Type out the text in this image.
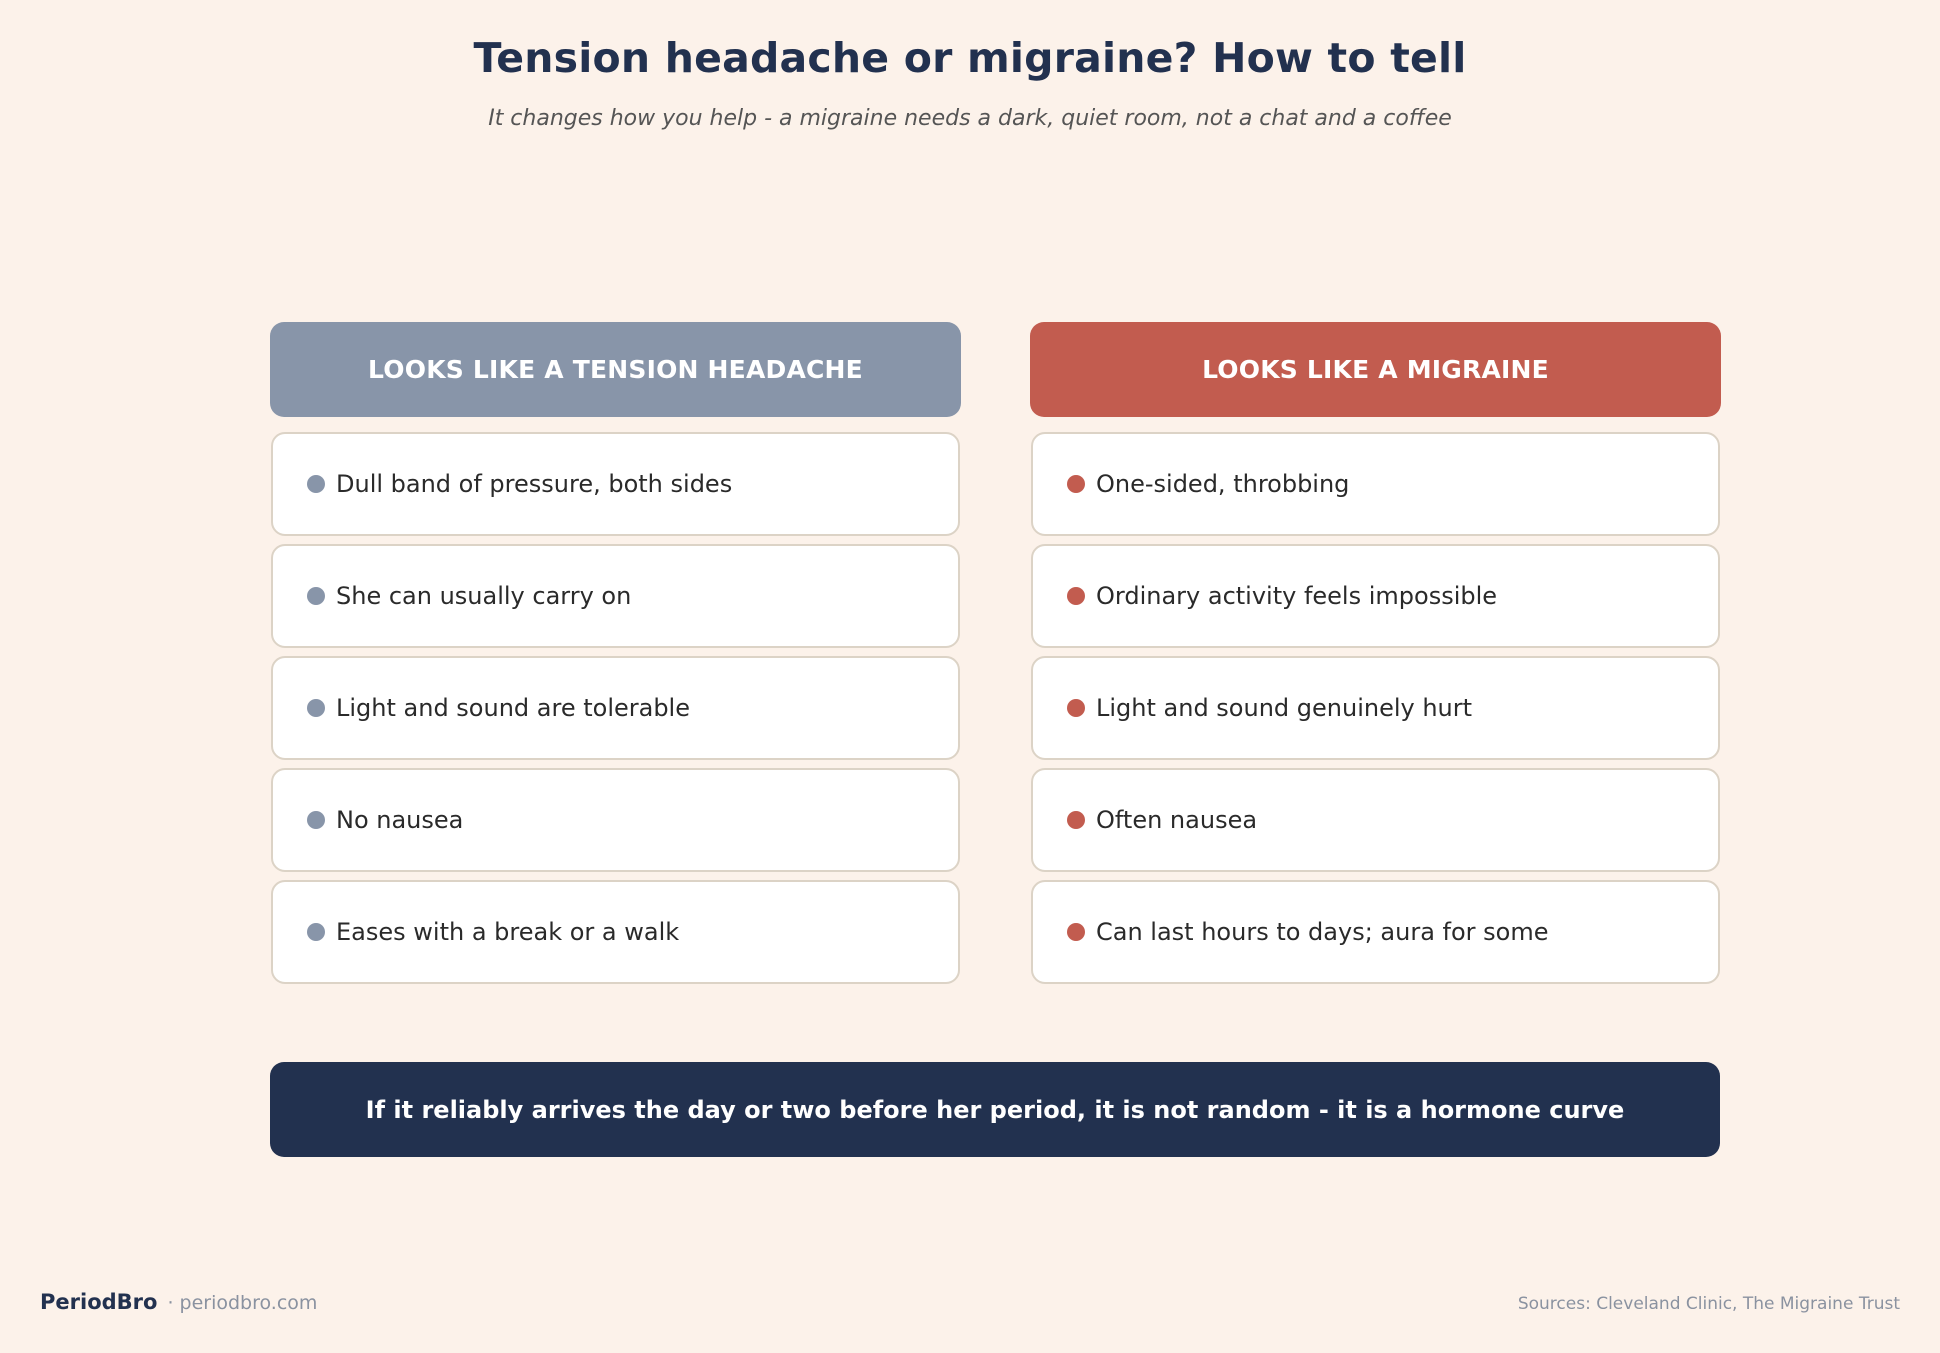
Tension headache or migraine? How to tell
It changes how you help - a migraine needs a dark, quiet room, not a chat and a coffee
LOOKS LIKE A TENSION HEADACHE
Dull band of pressure, both sides
She can usually carry on
Light and sound are tolerable
No nausea
Eases with a break or a walk
LOOKS LIKE A MIGRAINE
One-sided, throbbing
Ordinary activity feels impossible
Light and sound genuinely hurt
Often nausea
Can last hours to days; aura for some
If it reliably arrives the day or two before her period, it is not random - it is a hormone curve
PeriodBro · periodbro.com	Sources: Cleveland Clinic, The Migraine Trust
